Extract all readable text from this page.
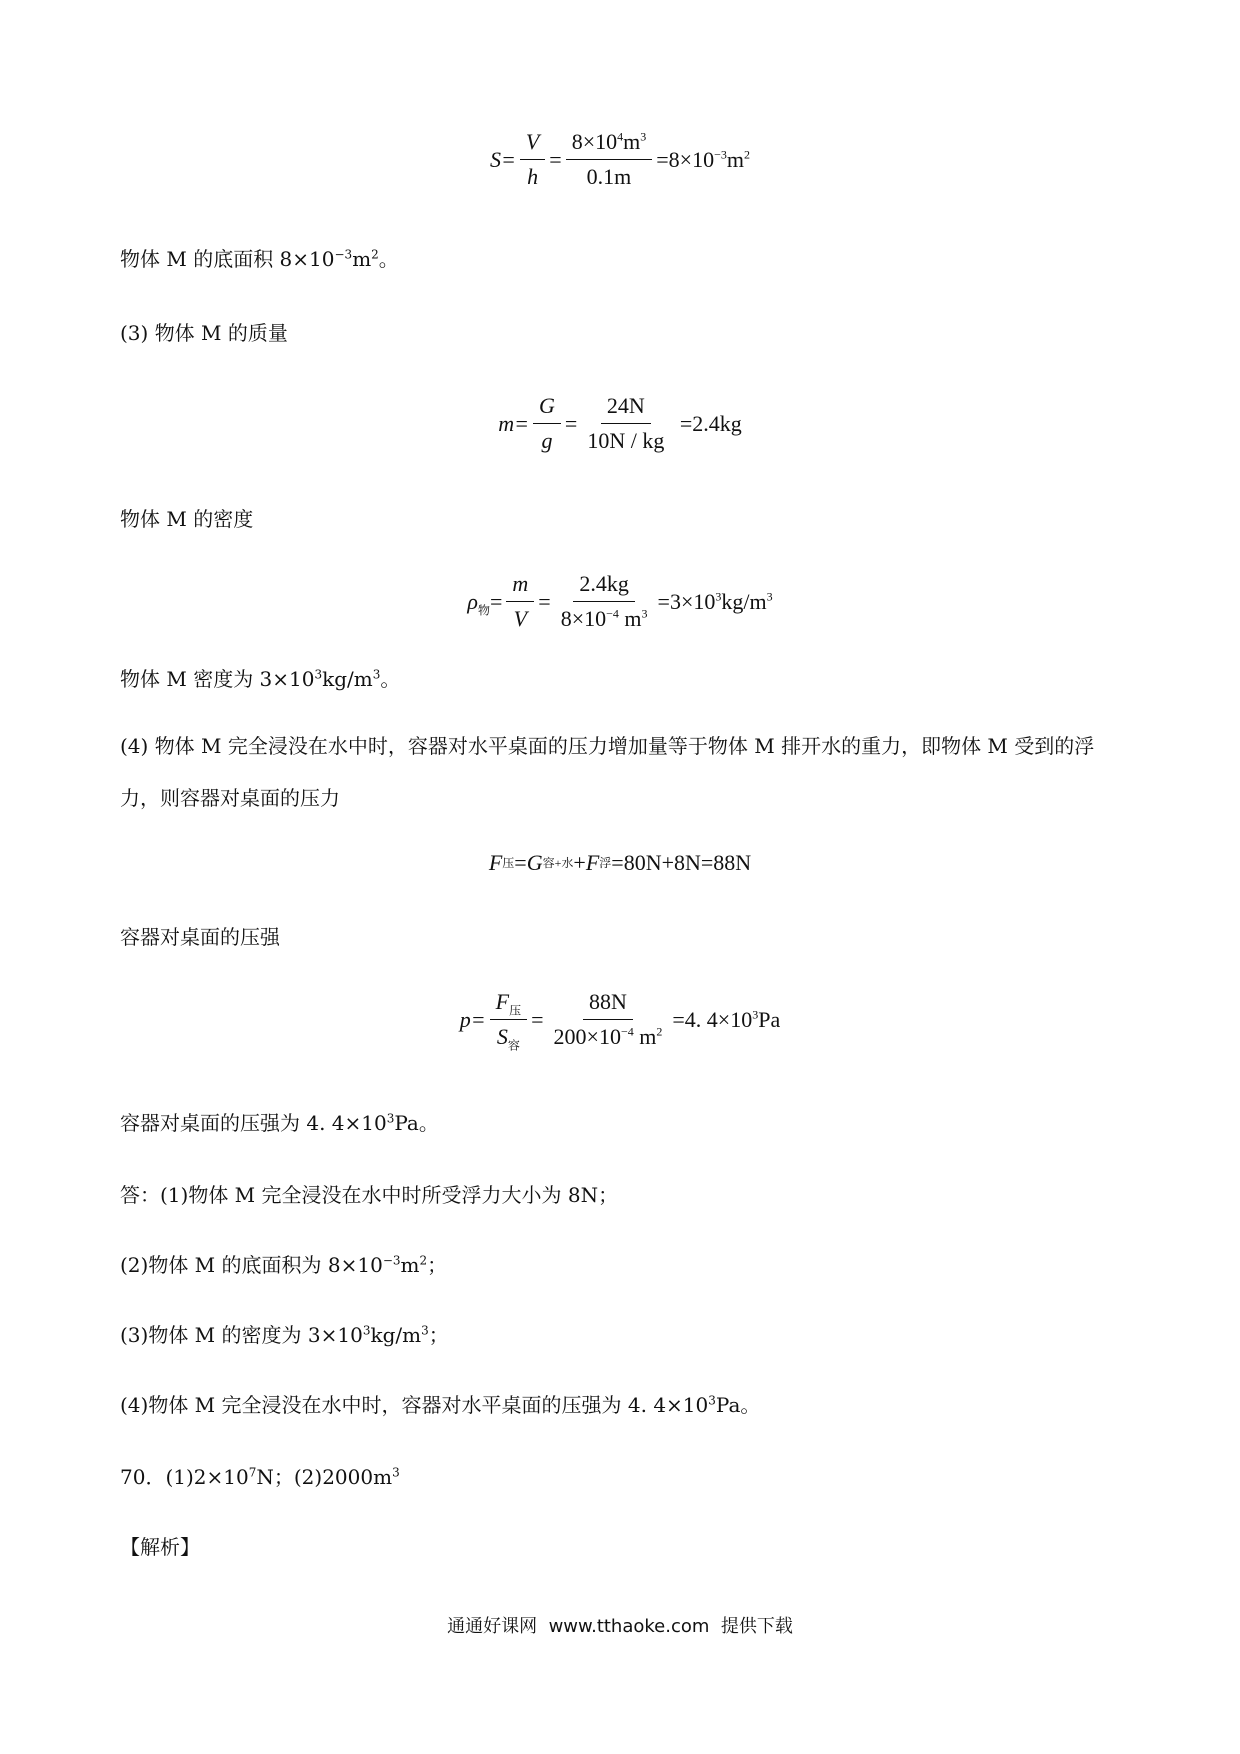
$S= \frac{V}{h} = \frac{8\times 10^4m^3}{0.1m} =8\times 10^{-3}m^2$
物体 M 的底面积 $8\times 10^{-3}m^2$。
(3) 物体 M 的质量
$m= \frac{G}{g} = \frac{24N}{10N / kg} =2.4kg$
物体 M 的密度
$\rho_物 = \frac{m}{V} = \frac{2.4kg}{8\times 10^{-4} m^3} =3\times 10^3kg/m^3$
物体 M 密度为 $3\times 10^3kg/m^3$。
(4) 物体 M 完全浸没在水中时，容器对水平桌面的压力增加量等于物体 M 排开水的重力，即物体 M 受到的浮力，则容器对桌面的压力
F 压 = G 容+水 + F 浮 =80N+8N=88N
容器对桌面的压强
$p= \frac{F_压}{S_容} = \frac{88N}{200\times 10^{-4} m^2} =4$. $4\times 10^3Pa$
容器对桌面的压强为 4. $4\times 10^3Pa$。
答：(1)物体 M 完全浸没在水中时所受浮力大小为 8N；
(2)物体 M 的底面积为 $8\times 10^{-3}m^2$；
(3)物体 M 的密度为 $3\times 10^3kg/m^3$；
(4)物体 M 完全浸没在水中时，容器对水平桌面的压强为 4. $4\times 10^3Pa$。
70．$(1)2\times 10^7N$；$(2)2000m^3$
【解析】
通通好课网  www.tthaoke.com  提供下载
